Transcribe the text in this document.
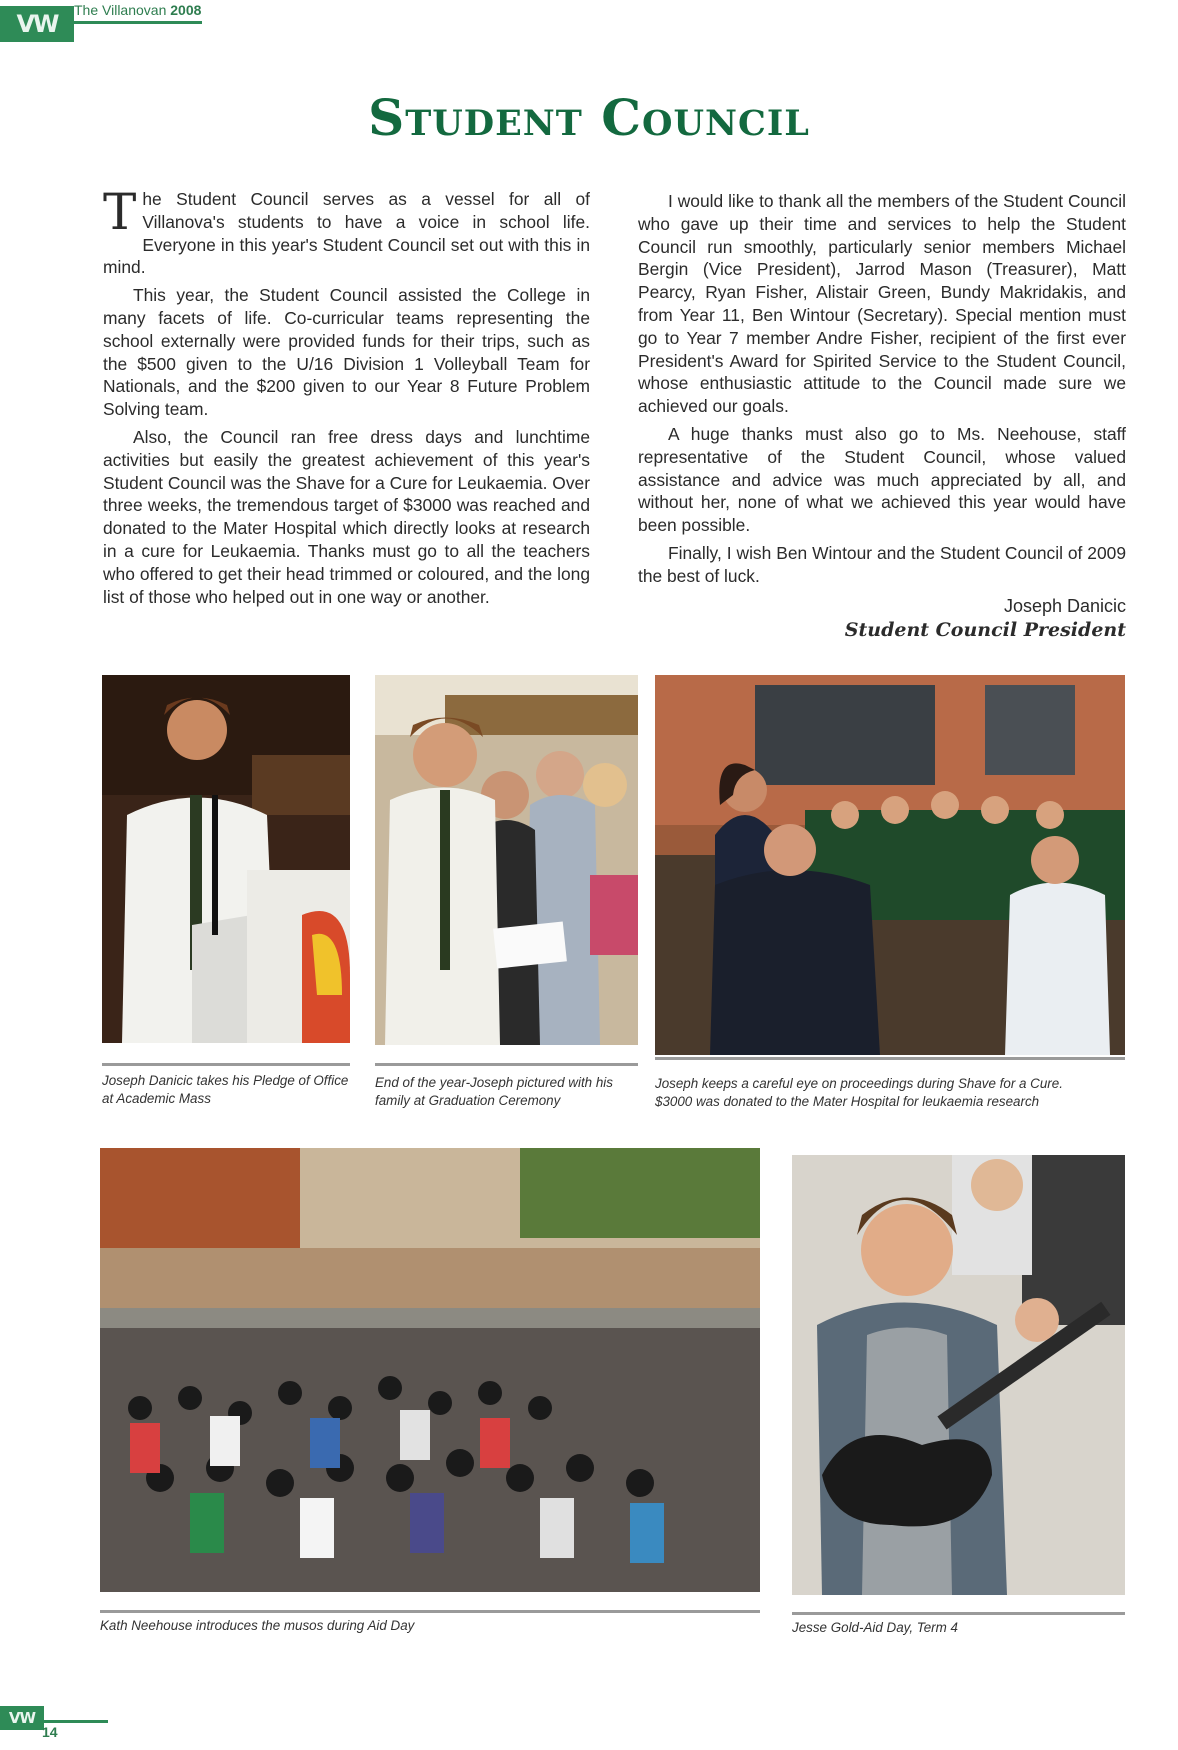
VW	The Villanovan 2008
Student Council

The Student Council serves as a vessel for all of Villanova's students to have a voice in school life. Everyone in this year's Student Council set out with this in mind.

This year, the Student Council assisted the College in many facets of life. Co-curricular teams representing the school externally were provided funds for their trips, such as the $500 given to the U/16 Division 1 Volleyball Team for Nationals, and the $200 given to our Year 8 Future Problem Solving team.

Also, the Council ran free dress days and lunchtime activities but easily the greatest achievement of this year's Student Council was the Shave for a Cure for Leukaemia. Over three weeks, the tremendous target of $3000 was reached and donated to the Mater Hospital which directly looks at research in a cure for Leukaemia. Thanks must go to all the teachers who offered to get their head trimmed or coloured, and the long list of those who helped out in one way or another.

I would like to thank all the members of the Student Council who gave up their time and services to help the Student Council run smoothly, particularly senior members Michael Bergin (Vice President), Jarrod Mason (Treasurer), Matt Pearcy, Ryan Fisher, Alistair Green, Bundy Makridakis, and from Year 11, Ben Wintour (Secretary). Special mention must go to Year 7 member Andre Fisher, recipient of the first ever President's Award for Spirited Service to the Student Council, whose enthusiastic attitude to the Council made sure we achieved our goals.

A huge thanks must also go to Ms. Neehouse, staff representative of the Student Council, whose valued assistance and advice was much appreciated by all, and without her, none of what we achieved this year would have been possible.

Finally, I wish Ben Wintour and the Student Council of 2009 the best of luck.

Joseph Danicic
Student Council President
Joseph Danicic takes his Pledge of Office at Academic Mass
End of the year-Joseph pictured with his family at Graduation Ceremony
Joseph keeps a careful eye on proceedings during Shave for a Cure.
$3000 was donated to the Mater Hospital for leukaemia research
Kath Neehouse introduces the musos during Aid Day	Jesse Gold-Aid Day, Term 4
VW
14
